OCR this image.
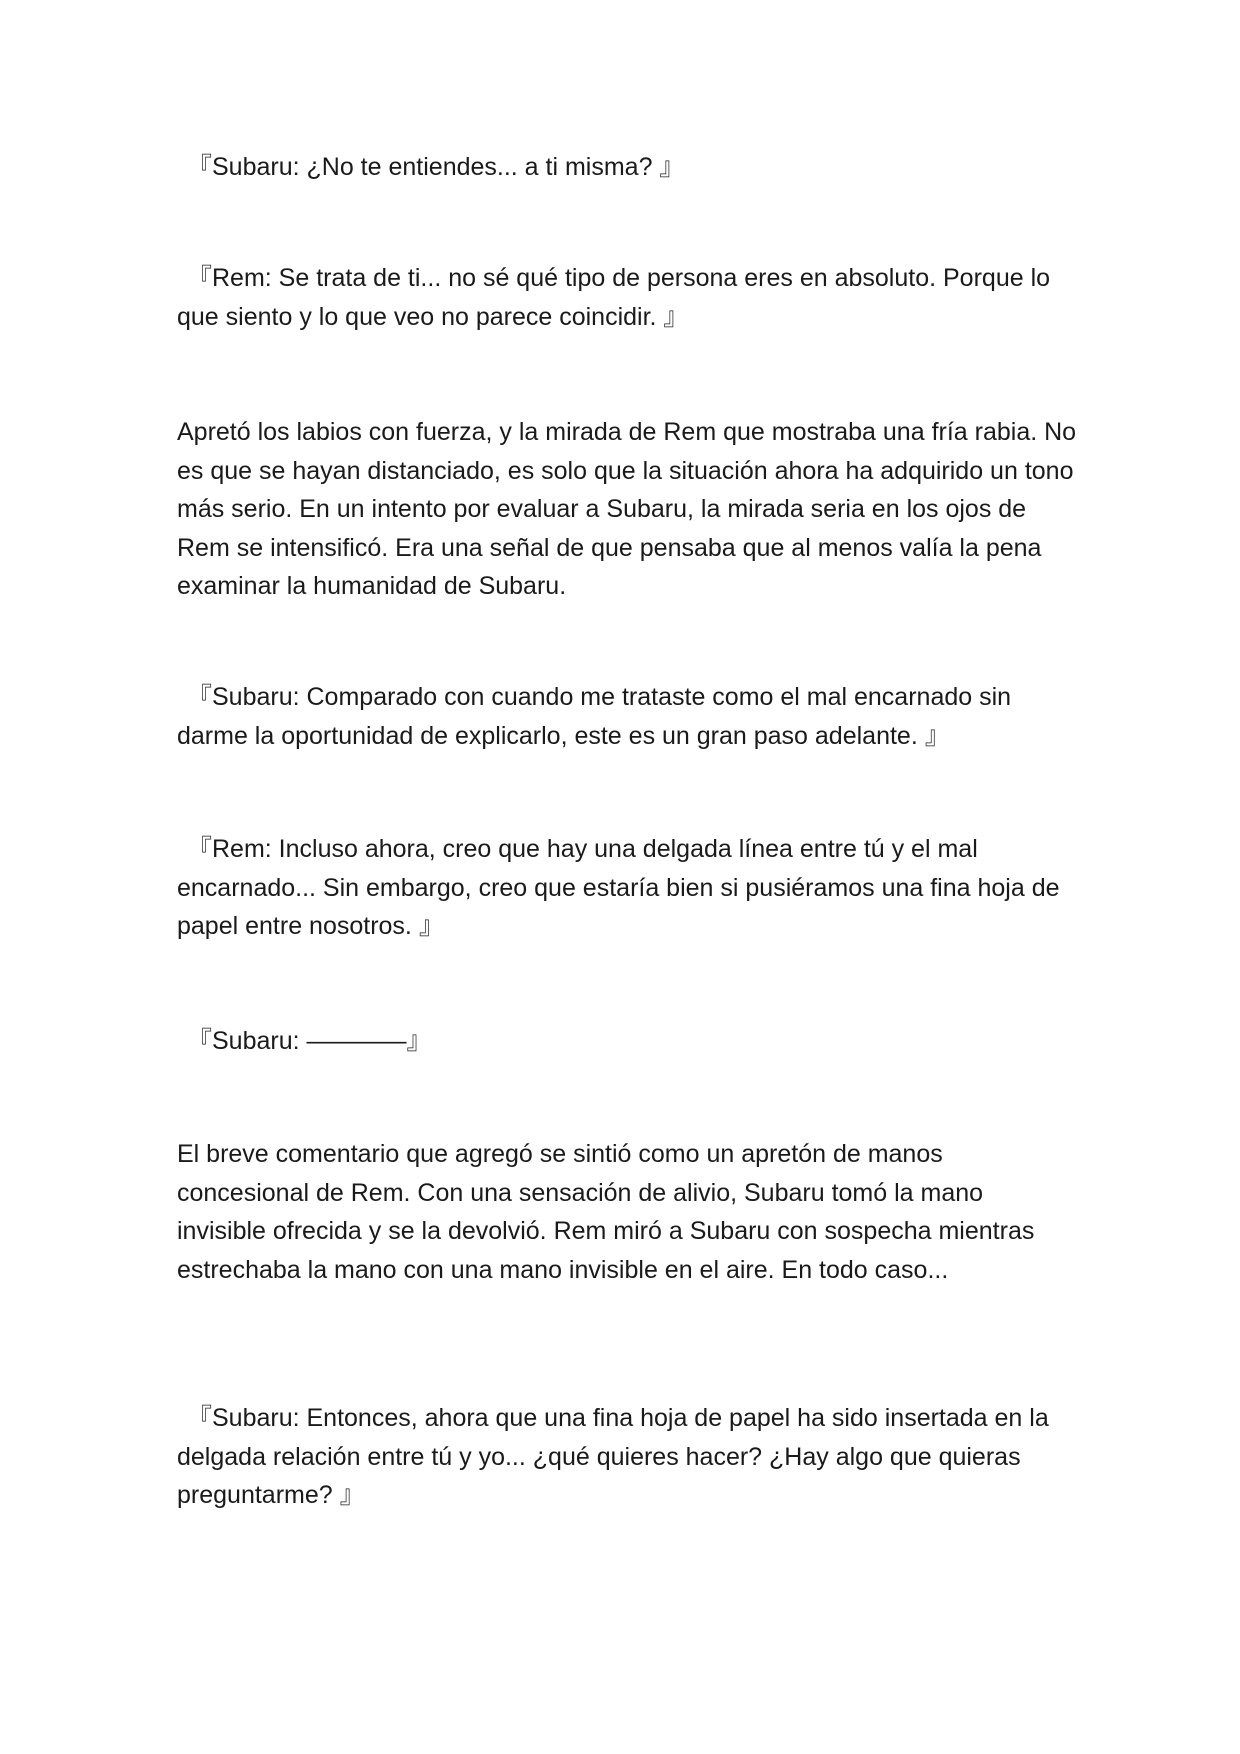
『Subaru: ¿No te entiendes... a ti misma? 』

『Rem: Se trata de ti... no sé qué tipo de persona eres en absoluto. Porque lo que siento y lo que veo no parece coincidir. 』

Apretó los labios con fuerza, y la mirada de Rem que mostraba una fría rabia. No es que se hayan distanciado, es solo que la situación ahora ha adquirido un tono más serio. En un intento por evaluar a Subaru, la mirada seria en los ojos de Rem se intensificó. Era una señal de que pensaba que al menos valía la pena examinar la humanidad de Subaru.

『Subaru: Comparado con cuando me trataste como el mal encarnado sin darme la oportunidad de explicarlo, este es un gran paso adelante. 』

『Rem: Incluso ahora, creo que hay una delgada línea entre tú y el mal encarnado... Sin embargo, creo que estaría bien si pusiéramos una fina hoja de papel entre nosotros. 』

『Subaru: ————』

El breve comentario que agregó se sintió como un apretón de manos concesional de Rem. Con una sensación de alivio, Subaru tomó la mano invisible ofrecida y se la devolvió. Rem miró a Subaru con sospecha mientras estrechaba la mano con una mano invisible en el aire. En todo caso...

『Subaru: Entonces, ahora que una fina hoja de papel ha sido insertada en la delgada relación entre tú y yo... ¿qué quieres hacer? ¿Hay algo que quieras preguntarme? 』
